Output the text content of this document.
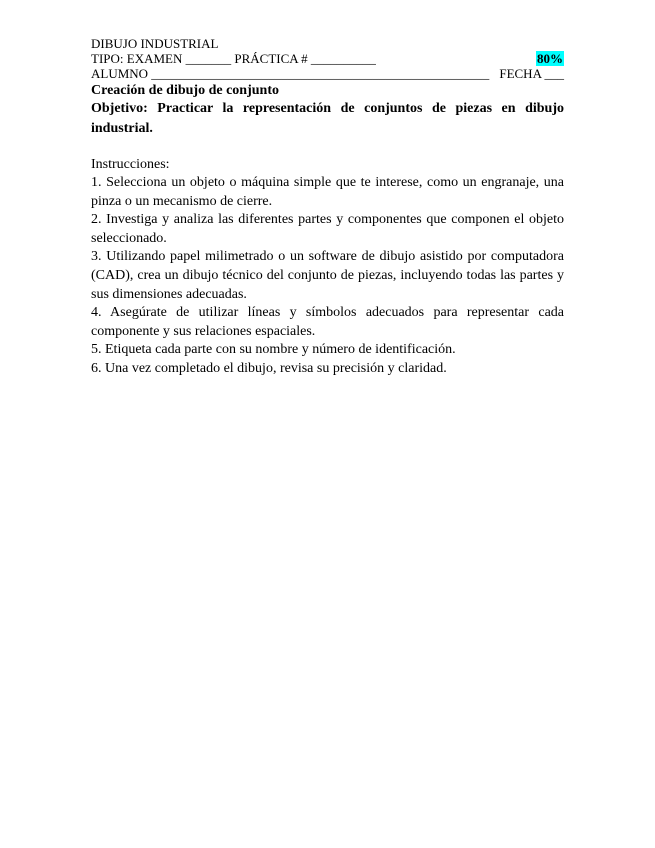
DIBUJO INDUSTRIAL
TIPO: EXAMEN _______ PRÁCTICA # __________	80%
ALUMNO ____________________________________________________ FECHA ___
Creación de dibujo de conjunto
Objetivo: Practicar la representación de conjuntos de piezas en dibujo industrial.
Instrucciones:
1. Selecciona un objeto o máquina simple que te interese, como un engranaje, una pinza o un mecanismo de cierre.
2. Investiga y analiza las diferentes partes y componentes que componen el objeto seleccionado.
3. Utilizando papel milimetrado o un software de dibujo asistido por computadora (CAD), crea un dibujo técnico del conjunto de piezas, incluyendo todas las partes y sus dimensiones adecuadas.
4. Asegúrate de utilizar líneas y símbolos adecuados para representar cada componente y sus relaciones espaciales.
5. Etiqueta cada parte con su nombre y número de identificación.
6. Una vez completado el dibujo, revisa su precisión y claridad.
